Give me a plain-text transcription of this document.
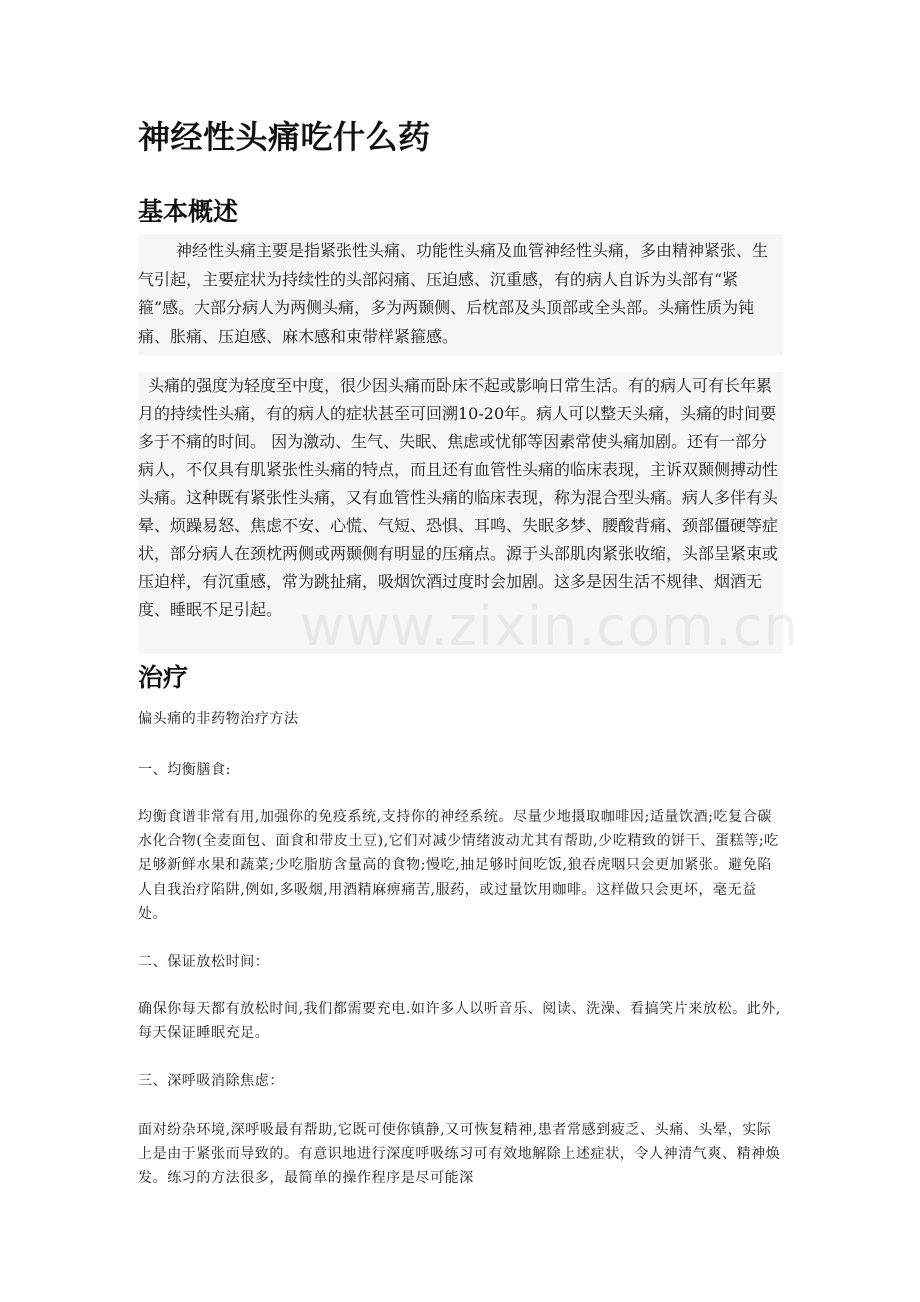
神经性头痛吃什么药
基本概述

神经性头痛主要是指紧张性头痛、功能性头痛及血管神经性头痛，多由精神紧张、生气引起，主要症状为持续性的头部闷痛、压迫感、沉重感，有的病人自诉为头部有“紧箍”感。大部分病人为两侧头痛，多为两颞侧、后枕部及头顶部或全头部。头痛性质为钝痛、胀痛、压迫感、麻木感和束带样紧箍感。

头痛的强度为轻度至中度，很少因头痛而卧床不起或影响日常生活。有的病人可有长年累月的持续性头痛，有的病人的症状甚至可回溯10-20年。病人可以整天头痛，头痛的时间要多于不痛的时间。 因为激动、生气、失眠、焦虑或忧郁等因素常使头痛加剧。还有一部分病人，不仅具有肌紧张性头痛的特点，而且还有血管性头痛的临床表现，主诉双颞侧搏动性头痛。这种既有紧张性头痛，又有血管性头痛的临床表现，称为混合型头痛。病人多伴有头晕、烦躁易怒、焦虑不安、心慌、气短、恐惧、耳鸣、失眠多梦、腰酸背痛、颈部僵硬等症状，部分病人在颈枕两侧或两颞侧有明显的压痛点。源于头部肌肉紧张收缩，头部呈紧束或压迫样，有沉重感，常为跳扯痛，吸烟饮酒过度时会加剧。这多是因生活不规律、烟酒无度、睡眠不足引起。

治疗

偏头痛的非药物治疗方法

一、均衡膳食:

均衡食谱非常有用,加强你的免疫系统,支持你的神经系统。尽量少地摄取咖啡因;适量饮酒;吃复合碳水化合物(全麦面包、面食和带皮土豆),它们对减少情绪波动尤其有帮助,少吃精致的饼干、蛋糕等;吃足够新鲜水果和蔬菜;少吃脂肪含量高的食物;慢吃,抽足够时间吃饭,狼吞虎咽只会更加紧张。避免陷人自我治疗陷阱,例如,多吸烟,用酒精麻痹痛苦,服药，或过量饮用咖啡。这样做只会更坏，毫无益处。

二、保证放松时间：

确保你每天都有放松时间,我们都需要充电.如许多人以听音乐、阅读、洗澡、看搞笑片来放松。此外,每天保证睡眠充足。

三、深呼吸消除焦虑：

面对纷杂环境,深呼吸最有帮助,它既可使你镇静,又可恢复精神,患者常感到疲乏、头痛、头晕，实际上是由于紧张而导致的。有意识地进行深度呼吸练习可有效地解除上述症状，令人神清气爽、精神焕发。练习的方法很多，最简单的操作程序是尽可能深
